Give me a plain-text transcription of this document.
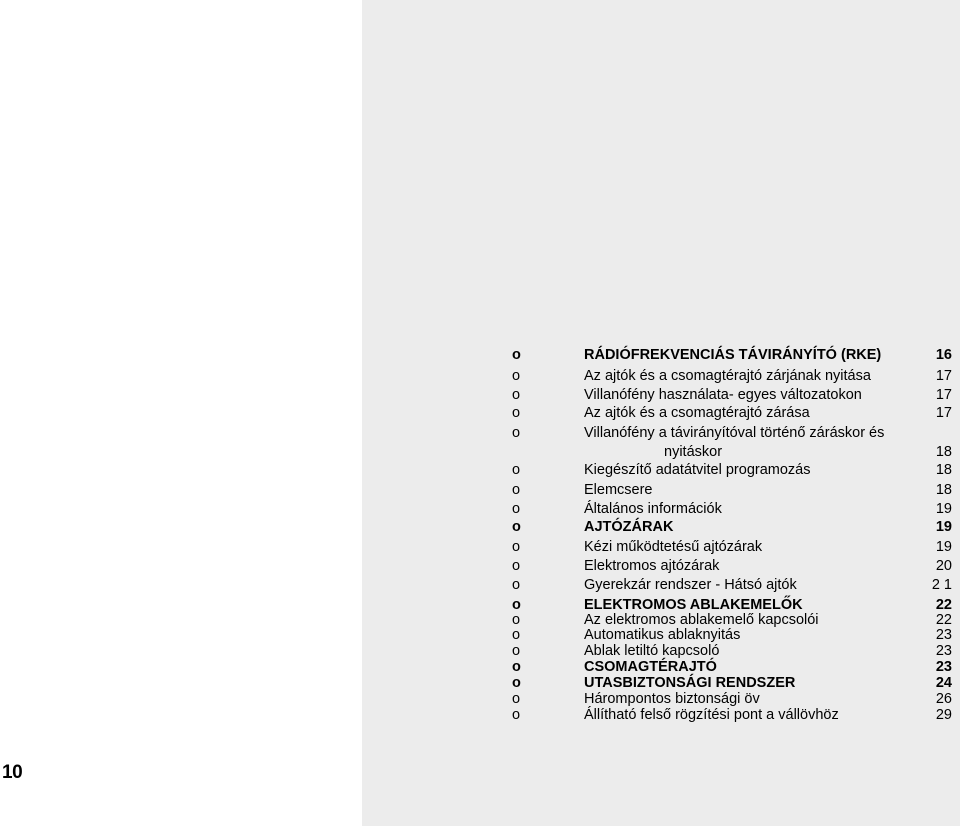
10
o	RÁDIÓFREKVENCIÁS TÁVIRÁNYÍTÓ (RKE)	16
o	Az ajtók és a csomagtérajtó zárjának nyitása	17
o	Villanófény használata- egyes változatokon	17
o	Az ajtók és a csomagtérajtó zárása	17
o	Villanófény a távirányítóval történő záráskor és
nyitáskor	18
o	Kiegészítő adatátvitel programozás	18
o	Elemcsere	18
o	Általános információk	19
o	AJTÓZÁRAK	19
o	Kézi működtetésű ajtózárak	19
o	Elektromos ajtózárak	20
o	Gyerekzár rendszer - Hátsó ajtók	2 1
o	ELEKTROMOS ABLAKEMELŐK	22
o	Az elektromos ablakemelő kapcsolói	22
o	Automatikus ablaknyitás	23
o	Ablak letiltó kapcsoló	23
o	CSOMAGTÉRAJTÓ	23
o	UTASBIZTONSÁGI RENDSZER	24
o	Hárompontos biztonsági öv	26
o	Állítható felső rögzítési pont a vállövhöz	29
